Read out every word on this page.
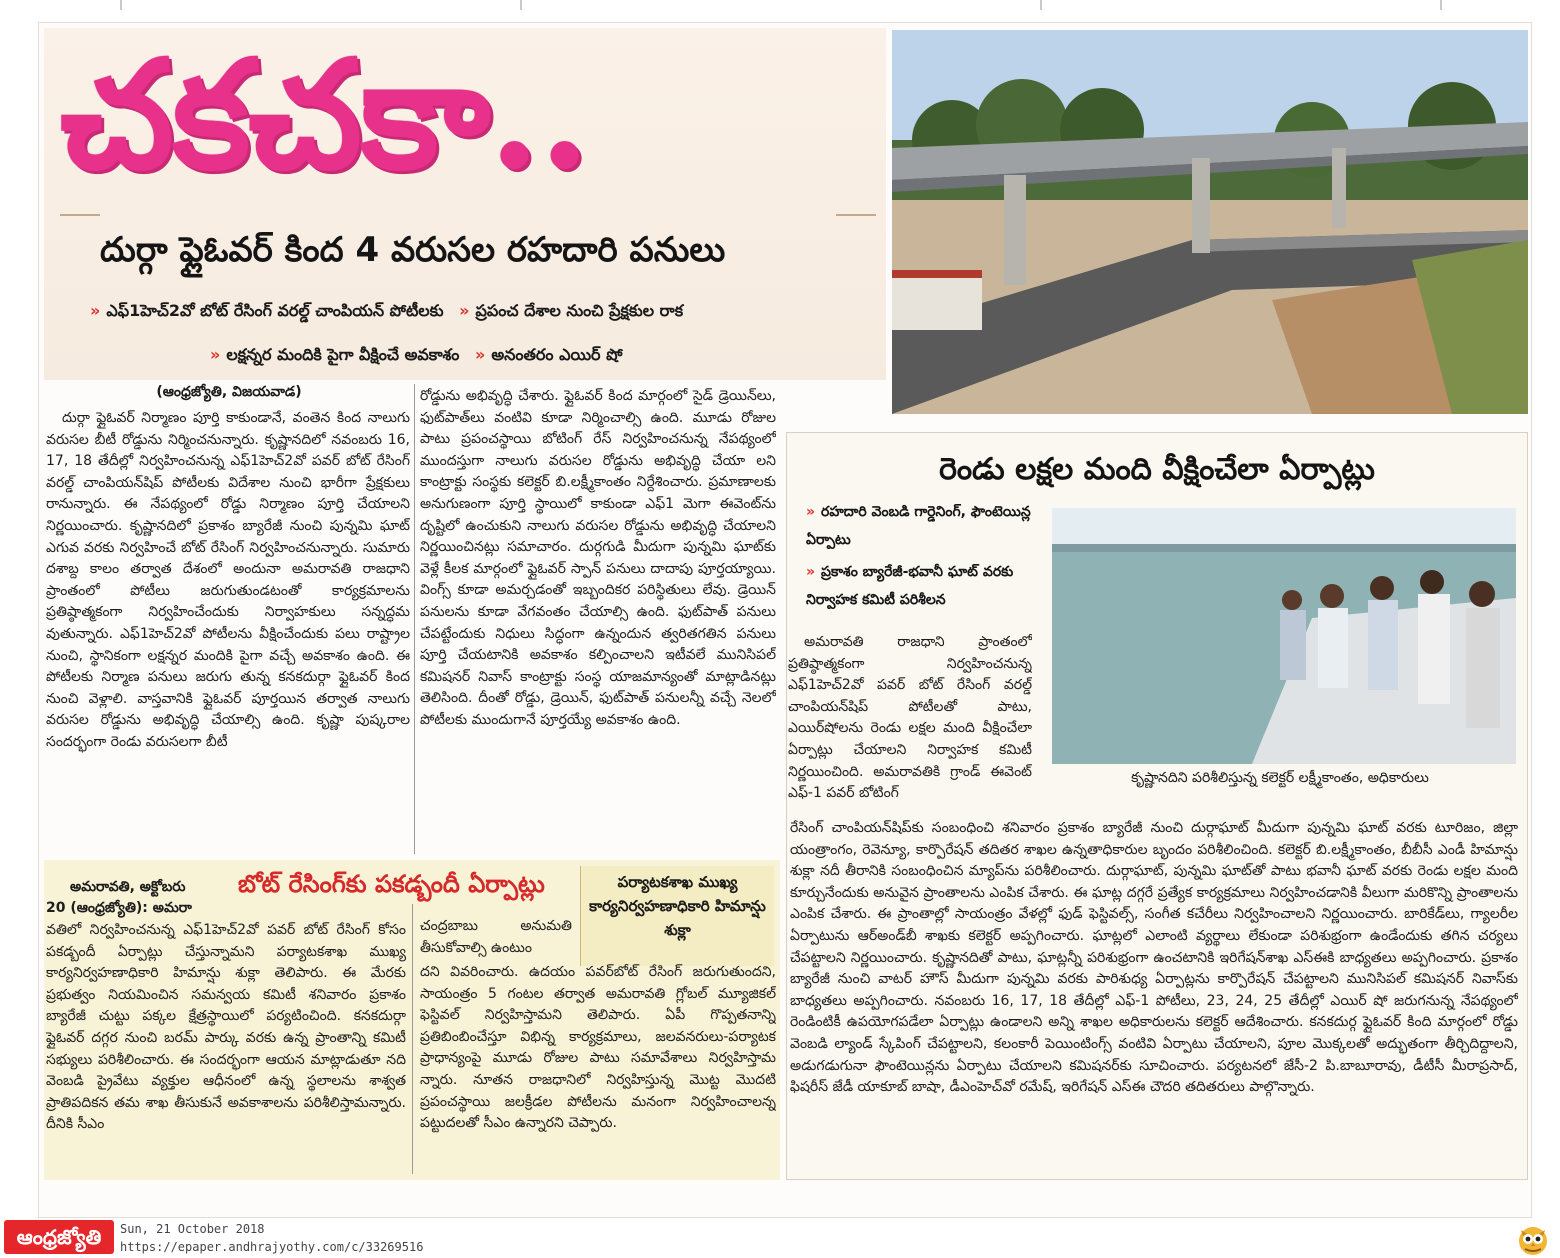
చకచకా..
దుర్గా ఫ్లైఓవర్ కింద 4 వరుసల రహదారి పనులు
» ఎఫ్1హెచ్2వో బోట్ రేసింగ్ వరల్డ్ చాంపియన్ పోటీలకు » ప్రపంచ దేశాల నుంచి ప్రేక్షకుల రాక
» లక్షన్నర మందికి పైగా వీక్షించే అవకాశం » అనంతరం ఎయిర్ షో
(ఆంధ్రజ్యోతి, విజయవాడ)
దుర్గా ఫ్లైఓవర్ నిర్మాణం పూర్తి కాకుండానే, వంతెన కింద నాలుగు వరుసల బీటీ రోడ్డును నిర్మించనున్నారు. కృష్ణానదిలో నవంబరు 16, 17, 18 తేదీల్లో నిర్వహించనున్న ఎఫ్1హెచ్2వో పవర్ బోట్ రేసింగ్ వరల్డ్ చాంపియన్‌షిప్ పోటీలకు విదేశాల నుంచి భారీగా ప్రేక్షకులు రానున్నారు. ఈ నేపథ్యంలో రోడ్డు నిర్మాణం పూర్తి చేయాలని నిర్ణయించారు. కృష్ణానదిలో ప్రకాశం బ్యారేజీ నుంచి పున్నమి ఘాట్ ఎగువ వరకు నిర్వహించే బోట్ రేసింగ్ నిర్వహించనున్నారు. సుమారు దశాబ్ద కాలం తర్వాత దేశంలో అందునా అమరావతి రాజధాని ప్రాంతంలో పోటీలు జరుగుతుండటంతో కార్యక్రమాలను ప్రతిష్ఠాత్మకంగా నిర్వహించేందుకు నిర్వాహకులు సన్నద్ధమ వుతున్నారు. ఎఫ్1హెచ్2వో పోటీలను వీక్షించేందుకు పలు రాష్ట్రాల నుంచి, స్థానికంగా లక్షన్నర మందికి పైగా వచ్చే అవకాశం ఉంది. ఈ పోటీలకు నిర్మాణ పనులు జరుగు తున్న కనకదుర్గా ఫ్లైఓవర్ కింద నుంచి వెళ్లాలి. వాస్తవానికి ఫ్లైఓవర్ పూర్తయిన తర్వాత నాలుగు వరుసల రోడ్డును అభివృద్ధి చేయాల్సి ఉంది. కృష్ణా పుష్కరాల సందర్భంగా రెండు వరుసలగా బీటీ
రోడ్డును అభివృద్ధి చేశారు. ఫ్లైఓవర్ కింద మార్గంలో సైడ్ డ్రెయిన్‌లు, ఫుట్‌పాత్‌లు వంటివి కూడా నిర్మించాల్సి ఉంది. మూడు రోజుల పాటు ప్రపంచస్థాయి బోటింగ్ రేస్ నిర్వహించనున్న నేపథ్యంలో ముందస్తుగా నాలుగు వరుసల రోడ్డును అభివృద్ధి చేయా లని కాంట్రాక్టు సంస్థకు కలెక్టర్ బి.లక్ష్మీకాంతం నిర్దేశించారు. ప్రమాణాలకు అనుగుణంగా పూర్తి స్థాయిలో కాకుండా ఎఫ్1 మెగా ఈవెంట్‌ను దృష్టిలో ఉంచుకుని నాలుగు వరుసల రోడ్డును అభివృద్ధి చేయాలని నిర్ణయించినట్లు సమాచారం. దుర్గగుడి మీదుగా పున్నమి ఘాట్‌కు వెళ్లే కీలక మార్గంలో ఫ్లైఓవర్ స్పాన్ పనులు దాదాపు పూర్తయ్యాయి. వింగ్స్ కూడా అమర్చడంతో ఇబ్బందికర పరిస్థితులు లేవు. డ్రెయిన్ పనులను కూడా వేగవంతం చేయాల్సి ఉంది. ఫుట్‌పాత్ పనులు చేపట్టేందుకు నిధులు సిద్ధంగా ఉన్నందున త్వరితగతిన పనులు పూర్తి చేయటానికి అవకాశం కల్పించాలని ఇటీవలే మునిసిపల్ కమిషనర్ నివాస్ కాంట్రాక్టు సంస్థ యాజమాన్యంతో మాట్లాడినట్లు తెలిసింది. దీంతో రోడ్డు, డ్రెయిన్, ఫుట్‌పాత్ పనులన్నీ వచ్చే నెలలో పోటీలకు ముందుగానే పూర్తయ్యే అవకాశం ఉంది.
రెండు లక్షల మంది వీక్షించేలా ఏర్పాట్లు
» రహదారి వెంబడి గార్డెనింగ్, ఫౌంటెయిన్ల ఏర్పాటు
» ప్రకాశం బ్యారేజీ-భవానీ ఘాట్ వరకు నిర్వాహక కమిటీ పరిశీలన
కృష్ణానదిని పరిశీలిస్తున్న కలెక్టర్ లక్ష్మీకాంతం, అధికారులు
అమరావతి రాజధాని ప్రాంతంలో ప్రతిష్ఠాత్మకంగా నిర్వహించనున్న ఎఫ్1హెచ్2వో పవర్ బోట్ రేసింగ్ వరల్డ్ చాంపియన్‌షిప్ పోటీలతో పాటు, ఎయిర్‌షోలను రెండు లక్షల మంది వీక్షించేలా ఏర్పాట్లు చేయాలని నిర్వాహక కమిటీ నిర్ణయించింది. అమరావతికి గ్రాండ్ ఈవెంట్ ఎఫ్-1 పవర్ బోటింగ్
రేసింగ్ చాంపియన్‌షిప్‌కు సంబంధించి శనివారం ప్రకాశం బ్యారేజీ నుంచి దుర్గాఘాట్ మీదుగా పున్నమి ఘాట్ వరకు టూరిజం, జిల్లా యంత్రాంగం, రెవెన్యూ, కార్పొరేషన్ తదితర శాఖల ఉన్నతాధికారుల బృందం పరిశీలించింది. కలెక్టర్ బి.లక్ష్మీకాంతం, బీబీసీ ఎండీ హిమాన్షు శుక్లా నదీ తీరానికి సంబంధించిన మ్యాప్‌ను పరిశీలించారు. దుర్గాఘాట్, పున్నమి ఘాట్‌తో పాటు భవానీ ఘాట్ వరకు రెండు లక్షల మంది కూర్చునేందుకు అనువైన ప్రాంతాలను ఎంపిక చేశారు. ఈ ఘాట్ల దగ్గరే ప్రత్యేక కార్యక్రమాలు నిర్వహించడానికి వీలుగా మరికొన్ని ప్రాంతాలను ఎంపిక చేశారు. ఈ ప్రాంతాల్లో సాయంత్రం వేళల్లో ఫుడ్ ఫెస్టివల్స్, సంగీత కచేరీలు నిర్వహించాలని నిర్ణయించారు. బారికేడ్‌లు, గ్యాలరీల ఏర్పాటును ఆర్‌అండ్‌బీ శాఖకు కలెక్టర్ అప్పగించారు. ఘాట్లలో ఎలాంటి వ్యర్థాలు లేకుండా పరిశుభ్రంగా ఉండేందుకు తగిన చర్యలు చేపట్టాలని నిర్ణయించారు. కృష్ణానదితో పాటు, ఘాట్లన్నీ పరిశుభ్రంగా ఉంచటానికి ఇరిగేషన్‌శాఖ ఎస్ఈకి బాధ్యతలు అప్పగించారు. ప్రకాశం బ్యారేజీ నుంచి వాటర్ హౌస్ మీదుగా పున్నమి వరకు పారిశుధ్య ఏర్పాట్లను కార్పొరేషన్ చేపట్టాలని మునిసిపల్ కమిషనర్ నివాస్‌కు బాధ్యతలు అప్పగించారు. నవంబరు 16, 17, 18 తేదీల్లో ఎఫ్-1 పోటీలు, 23, 24, 25 తేదీల్లో ఎయిర్ షో జరుగనున్న నేపథ్యంలో రెండింటికీ ఉపయోగపడేలా ఏర్పాట్లు ఉండాలని అన్ని శాఖల అధికారులను కలెక్టర్ ఆదేశించారు. కనకదుర్గ ఫ్లైఓవర్ కింది మార్గంలో రోడ్డు వెంబడి ల్యాండ్ స్కేపింగ్ చేపట్టాలని, కలంకారీ పెయింటింగ్స్ వంటివి ఏర్పాటు చేయాలని, పూల మొక్కలతో అద్భుతంగా తీర్చిదిద్దాలని, అడుగడుగునా ఫౌంటెయిన్లను ఏర్పాటు చేయాలని కమిషనర్‌కు సూచించారు. పర్యటనలో జేసీ-2 పి.బాబూరావు, డీటీసీ మీరాప్రసాద్, ఫిషరీస్ జేడీ యాకూబ్ బాషా, డీఎంహెచ్‌వో రమేష్, ఇరిగేషన్ ఎస్ఈ చౌదరి తదితరులు పాల్గొన్నారు.
అమరావతి, అక్టోబరు	బోట్ రేసింగ్‌కు పకడ్బందీ ఏర్పాట్లు	పర్యాటకశాఖ ముఖ్య కార్యనిర్వహణాధికారి హిమాన్షు శుక్లా
20 (ఆంధ్రజ్యోతి): అమరా
వతిలో నిర్వహించనున్న ఎఫ్1హెచ్2వో పవర్ బోట్ రేసింగ్ కోసం పకడ్బందీ ఏర్పాట్లు చేస్తున్నామని పర్యాటకశాఖ ముఖ్య కార్యనిర్వహణాధికారి హిమాన్షు శుక్లా తెలిపారు. ఈ మేరకు ప్రభుత్వం నియమించిన సమన్వయ కమిటీ శనివారం ప్రకాశం బ్యారేజీ చుట్టు పక్కల క్షేత్రస్థాయిలో పర్యటించింది. కనకదుర్గా ఫ్లైఓవర్ దగ్గర నుంచి బరమ్ పార్కు వరకు ఉన్న ప్రాంతాన్ని కమిటీ సభ్యులు పరిశీలించారు. ఈ సందర్భంగా ఆయన మాట్లాడుతూ నది వెంబడి ప్రైవేటు వ్యక్తుల ఆధీనంలో ఉన్న స్థలాలను శాశ్వత ప్రాతిపదికన తమ శాఖ తీసుకునే అవకాశాలను పరిశీలిస్తామన్నారు. దీనికి సీఎం
చంద్రబాబు అనుమతి తీసుకోవాల్సి ఉంటుం
దని వివరించారు. ఉదయం పవర్‌బోట్ రేసింగ్ జరుగుతుందని, సాయంత్రం 5 గంటల తర్వాత అమరావతి గ్లోబల్ మ్యూజికల్ ఫెస్టివల్ నిర్వహిస్తామని తెలిపారు. ఏపీ గొప్పతనాన్ని ప్రతిబింబించేస్తూ విభిన్న కార్యక్రమాలు, జలవనరులు-పర్యాటక ప్రాధాన్యంపై మూడు రోజుల పాటు సమావేశాలు నిర్వహిస్తామ న్నారు. నూతన రాజధానిలో నిర్వహిస్తున్న మొట్ట మొదటి ప్రపంచస్థాయి జలక్రీడల పోటీలను మనంగా నిర్వహించాలన్న పట్టుదలతో సీఎం ఉన్నారని చెప్పారు.
ఆంధ్రజ్యోతి	Sun, 21 October 2018
https://epaper.andhrajyothy.com/c/33269516
